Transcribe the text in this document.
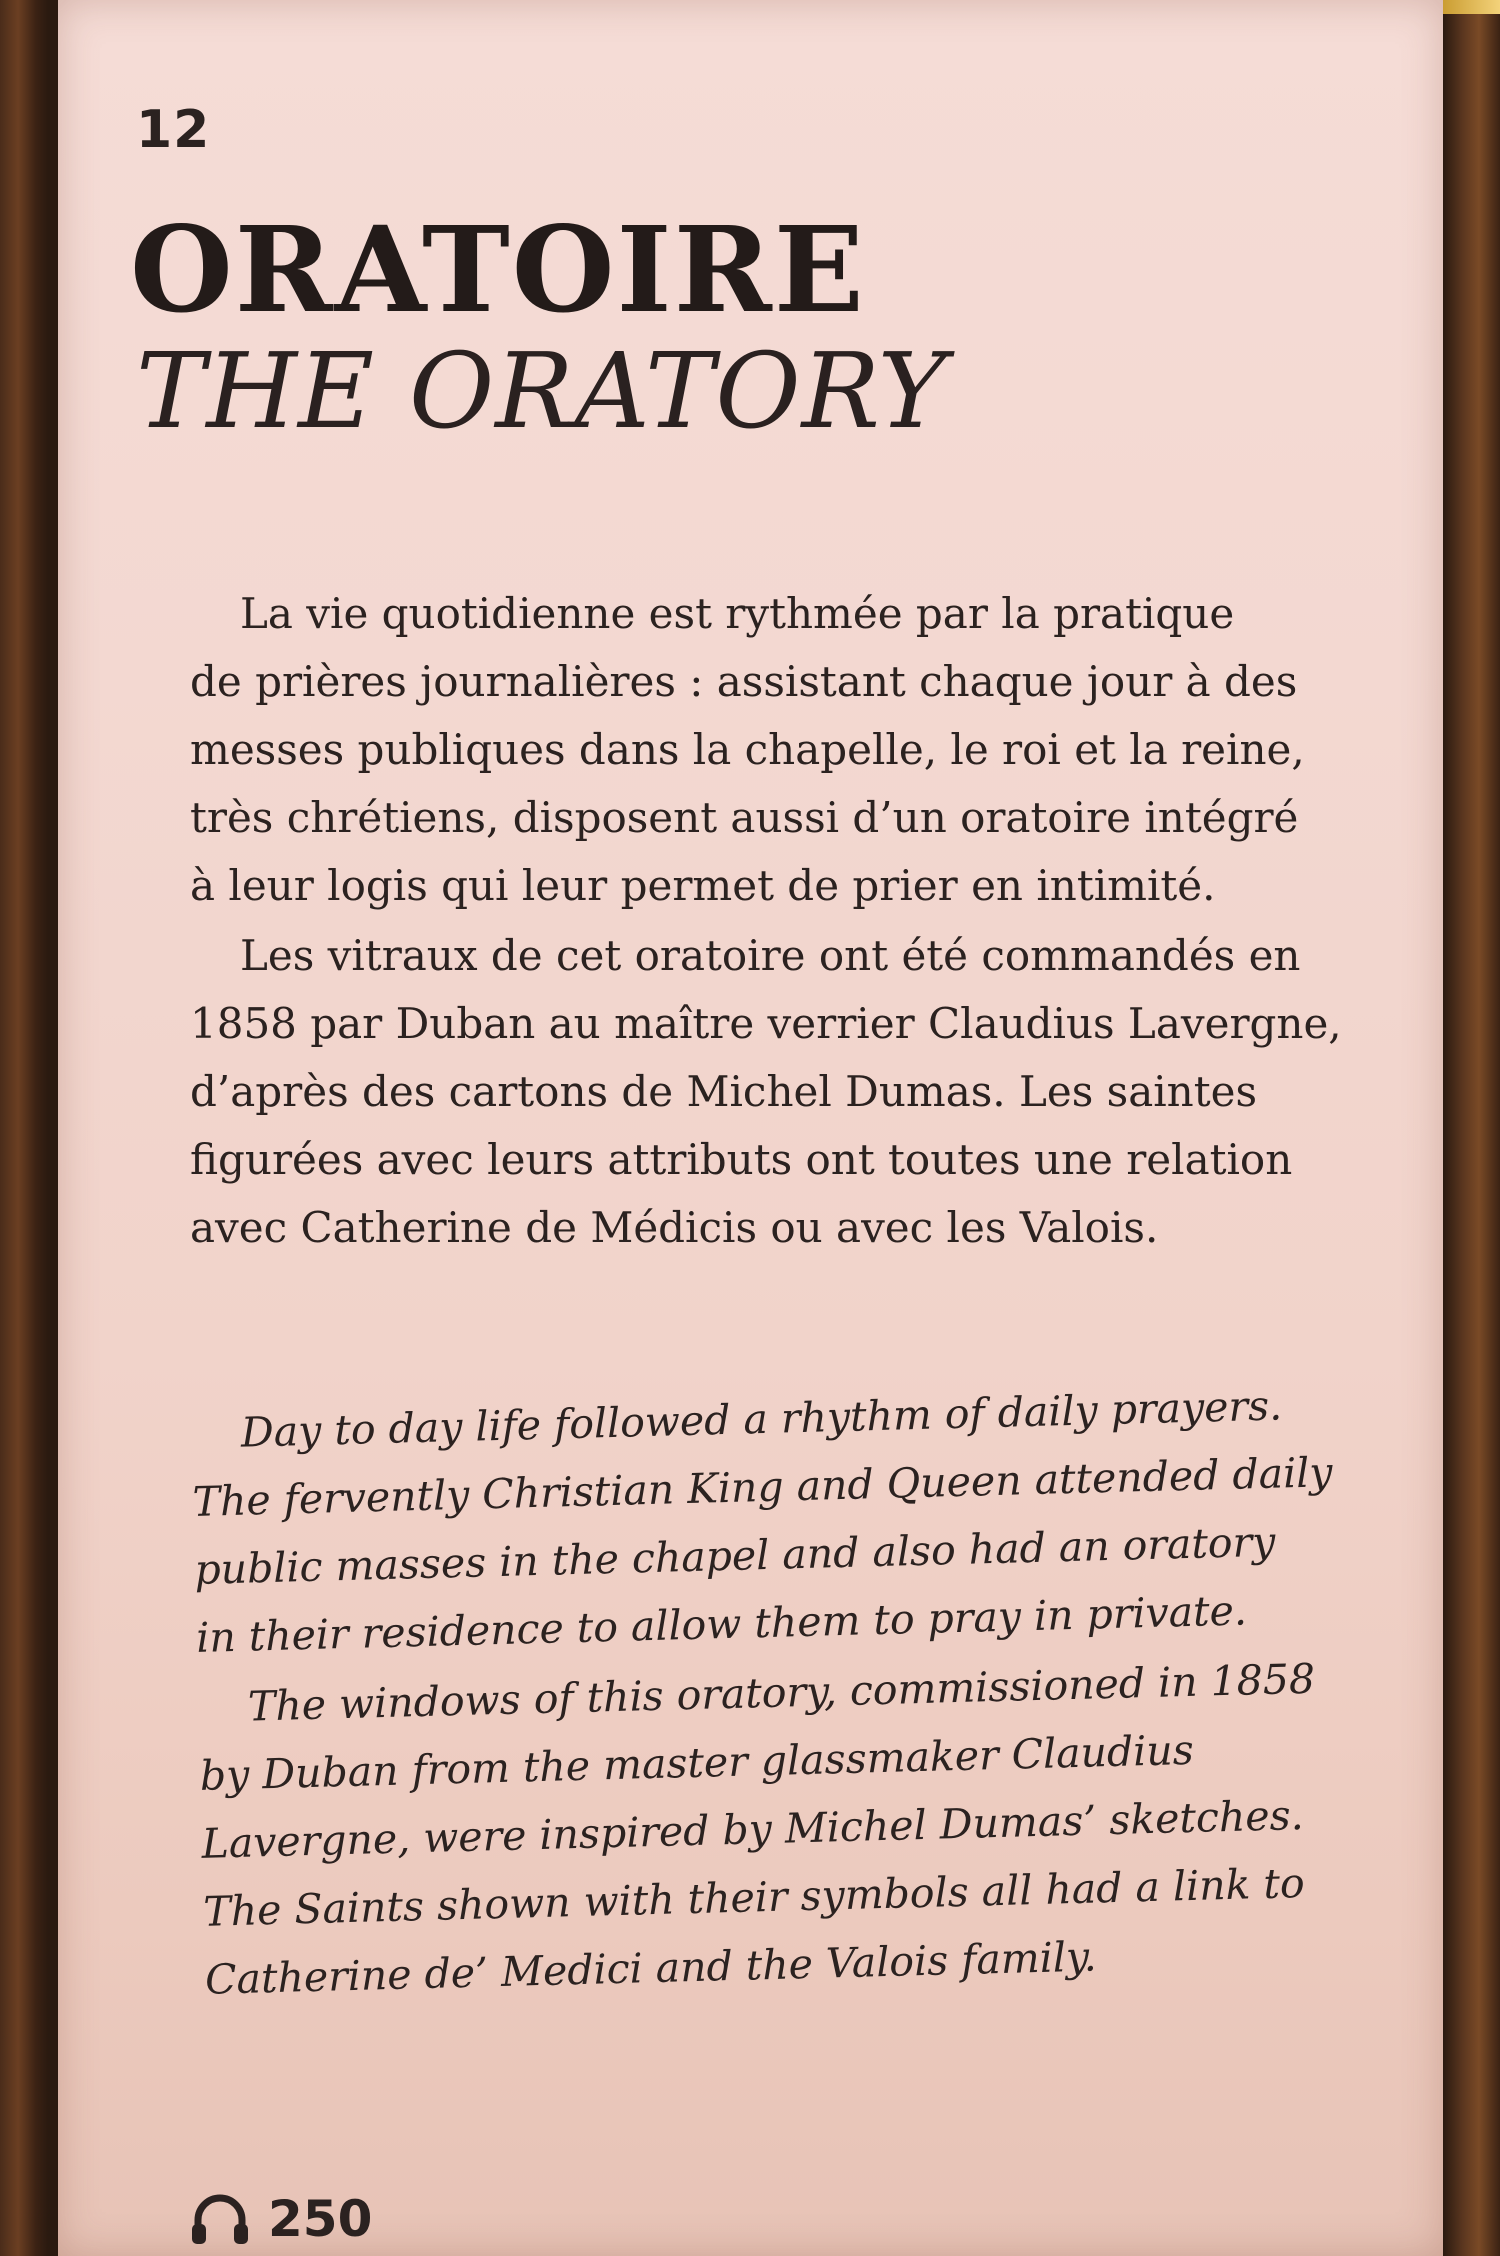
12
ORATOIRE
THE ORATORY
La vie quotidienne est rythmée par la pratique
de prières journalières : assistant chaque jour à des
messes publiques dans la chapelle, le roi et la reine,
très chrétiens, disposent aussi d’un oratoire intégré
à leur logis qui leur permet de prier en intimité.
Les vitraux de cet oratoire ont été commandés en
1858 par Duban au maître verrier Claudius Lavergne,
d’après des cartons de Michel Dumas. Les saintes
figurées avec leurs attributs ont toutes une relation
avec Catherine de Médicis ou avec les Valois.
Day to day life followed a rhythm of daily prayers.
The fervently Christian King and Queen attended daily
public masses in the chapel and also had an oratory
in their residence to allow them to pray in private.
The windows of this oratory, commissioned in 1858
by Duban from the master glassmaker Claudius
Lavergne, were inspired by Michel Dumas’ sketches.
The Saints shown with their symbols all had a link to
Catherine de’ Medici and the Valois family.
250
